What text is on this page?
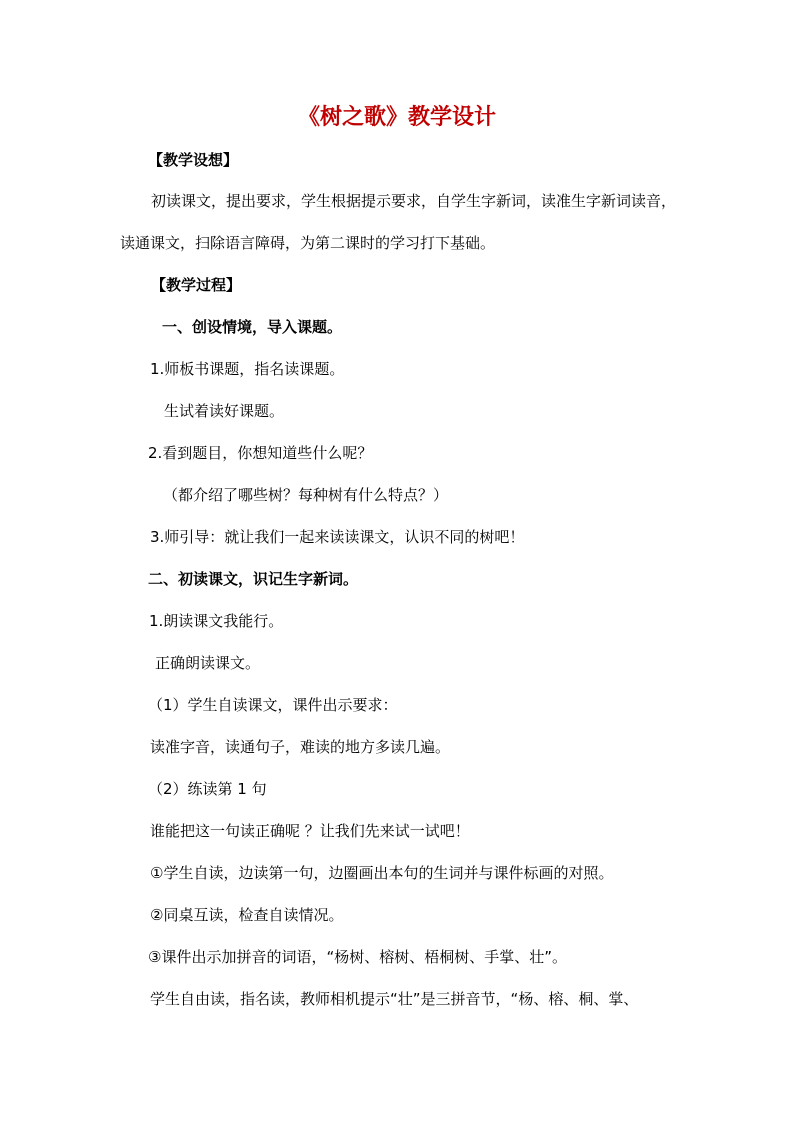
《树之歌》教学设计

【教学设想】

初读课文，提出要求，学生根据提示要求，自学生字新词，读准生字新词读音，

读通课文，扫除语言障碍，为第二课时的学习打下基础。

【教学过程】

一、创设情境，导入课题。

1.师板书课题，指名读课题。

生试着读好课题。

2.看到题目，你想知道些什么呢？

（都介绍了哪些树？每种树有什么特点？）

3.师引导：就让我们一起来读读课文，认识不同的树吧！

二、初读课文，识记生字新词。

1.朗读课文我能行。

正确朗读课文。

（1）学生自读课文，课件出示要求：

读准字音，读通句子，难读的地方多读几遍。

（2）练读第 1 句

谁能把这一句读正确呢 ？让我们先来试一试吧！

①学生自读，边读第一句，边圈画出本句的生词并与课件标画的对照。

②同桌互读，检查自读情况。

③课件出示加拼音的词语，“杨树、榕树、梧桐树、手掌、壮”。

学生自由读，指名读，教师相机提示“壮”是三拼音节，“杨、榕、桐、掌、
